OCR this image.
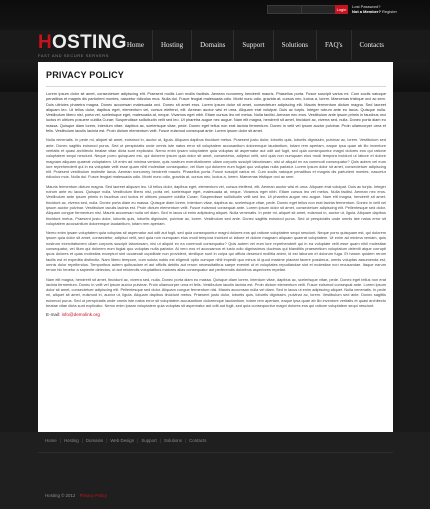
Login
Lost Password?
Not a Member? Register
HOSTING
FAST AND SECURE SERVERS
Home	Hosting	Domains	Support	Solutions	FAQ's	Contacts
PRIVACY POLICY

Lorem ipsum dolor sit amet, consectetuer adipiscing elit. Praesent mollis Lum mollis facilisis. Aenean nonummy hendrerit mauris. Phasellus porta. Fusce suscipit varius mi. Cum sociis natoque penatibus et magnis dis parturient montes, nascetur ridiculus mus. Nulla dui. Fusce feugiat malesuada odio. Morbi nunc odio, gravida at, cursus nec, luctus a, lorem. Maecenas tristique orci ac sem. Duis ultricies pharetra magna. Donec accumsan malesuada orci. Donec sit amet eros. Lorem ipsum dolor sit amet, consectetuer adipiscing elit. Mauris fermentum dictum magna. Sed laoreet aliquam leo. Ut tellus dolor, dapibus eget, elementum vel, cursus eleifend, elit. Aenean auctor wisi et urna. Aliquam erat volutpat. Duis ac turpis. Integer rutrum ante eu lacus. Quisque nulla. Vestibulum libero nisl, porta vel, scelerisque eget, malesuada at, neque. Vivamus eget nibh. Etiam cursus leo vel metus. Nulla facilisi. Aenean nec eros. Vestibulum ante ipsum primis in faucibus orci luctus et ultrices posuere cubilia Curae; Suspendisse sollicitudin velit sed leo. Ut pharetra augue nec augue. Nam elit magna, hendrerit sit amet, tincidunt ac, viverra sed, nulla. Donec porta diam eu massa. Quisque diam lorem, interdum vitae, dapibus ac, scelerisque vitae, pede. Donec eget tellus non erat lacinia fermentum. Donec in velit vel ipsum auctor pulvinar. Proin ullamcorper urna et felis. Vestibulum iaculis lacinia est. Proin dictum elementum velit. Fusce euismod consequat ante. Lorem ipsum dolor sit amet.

Nulla venenatis. In pede mi, aliquet sit amet, euismod in, auctor ut, ligula. Aliquam dapibus tincidunt metus. Praesent justo dolor, lobortis quis, lobortis dignissim, pulvinar ac, lorem. Vestibulum sed ante. Donec sagittis euismod purus. Sed ut perspiciatis unde omnis iste natus error sit voluptatem accusantium doloremque laudantium, totam rem aperiam, eaque ipsa quae ab illo inventore veritatis et quasi architecto beatae vitae dicta sunt explicabo. Nemo enim ipsam voluptatem quia voluptas sit aspernatur aut odit aut fugit, sed quia consequuntur magni dolores eos qui ratione voluptatem sequi nesciunt. Neque porro quisquam est, qui dolorem ipsum quia dolor sit amet, consectetur, adipisci velit, sed quia non numquam eius modi tempora incidunt ut labore et dolore magnam aliquam quaerat voluptatem. Ut enim ad minima veniam, quis nostrum exercitationem ullam corporis suscipit laboriosam, nisi ut aliquid ex ea commodi consequatur? Quis autem vel eum iure reprehenderit qui in ea voluptate velit esse quam nihil molestiae consequatur, vel illum qui dolorem eum fugiat quo voluptas nulla pariatur. Lorem ipsum dolor sit amet, consectetuer adipiscing elit. Praesent vestibulum molestie lacus. Aenean nonummy hendrerit mauris. Phasellus porta. Fusce suscipit varius mi. Cum sociis natoque penatibus et magnis dis parturient montes, nascetur ridiculus mus. Nulla dui. Fusce feugiat malesuada odio. Morbi nunc odio, gravida at, cursus nec, luctus a, lorem. Maecenas tristique orci ac sem.

Mauris fermentum dictum magna. Sed laoreet aliquam leo. Ut tellus dolor, dapibus eget, elementum vel, cursus eleifend, elit. Aenean auctor wisi et urna. Aliquam erat volutpat. Duis ac turpis. Integer rutrum ante eu lacus. Quisque nulla. Vestibulum libero nisl, porta vel, scelerisque eget, malesuada at, neque. Vivamus eget nibh. Etiam cursus leo vel metus. Nulla facilisi. Aenean nec eros. Vestibulum ante ipsum primis in faucibus orci luctus et ultrices posuere cubilia Curae; Suspendisse sollicitudin velit sed leo. Ut pharetra augue nec augue. Nam elit magna, hendrerit sit amet, tincidunt ac, viverra sed, nulla. Donec porta diam eu massa. Quisque diam lorem, interdum vitae, dapibus ac, scelerisque vitae, pede. Donec eget tellus non erat lacinia fermentum. Donec in velit vel ipsum auctor pulvinar. Vestibulum iaculis lacinia est. Proin dictum elementum velit. Fusce euismod consequat ante. Lorem ipsum dolor sit amet, consectetuer adipiscing elit. Pellentesque sed dolor. Aliquam congue fermentum nisl. Mauris accumsan nulla vel diam. Sed in lacus ut enim adipiscing aliquet. Nulla venenatis. In pede mi, aliquet sit amet, euismod in, auctor ut, ligula. Aliquam dapibus tincidunt metus. Praesent justo dolor, lobortis quis, lobortis dignissim, pulvinar ac, lorem. Vestibulum sed ante. Donec sagittis euismod purus. Sed ut perspiciatis unde omnis iste natus error sit voluptatem accusantium doloremque laudantium, totam rem aperiam.

Nemo enim ipsam voluptatem quia voluptas sit aspernatur aut odit aut fugit, sed quia consequuntur magni dolores eos qui ratione voluptatem sequi nesciunt. Neque porro quisquam est, qui dolorem ipsum quia dolor sit amet, consectetur, adipisci velit, sed quia non numquam eius modi tempora incidunt ut labore et dolore magnam aliquam quaerat voluptatem. Ut enim ad minima veniam, quis nostrum exercitationem ullam corporis suscipit laboriosam, nisi ut aliquid ex ea commodi consequatur? Quis autem vel eum iure reprehenderit qui in ea voluptate velit esse quam nihil molestiae consequatur, vel illum qui dolorem eum fugiat quo voluptas nulla pariatur. At vero eos et accusamus et iusto odio dignissimos ducimus qui blanditiis praesentium voluptatum deleniti atque corrupti quos dolores et quas molestias excepturi sint occaecati cupiditate non provident, similique sunt in culpa qui officia deserunt mollitia animi, id est laborum et dolorum fuga. Et harum quidem rerum facilis est et expedita distinctio. Nam libero tempore, cum soluta nobis est eligendi optio cumque nihil impedit quo minus id quod maxime placeat facere possimus, omnis voluptas assumenda est, omnis dolor repellendus. Temporibus autem quibusdam et aut officiis debitis aut rerum necessitatibus saepe eveniet ut et voluptates repudiandae sint et molestiae non recusandae. Itaque earum rerum hic tenetur a sapiente delectus, ut aut reiciendis voluptatibus maiores alias consequatur aut perferendis doloribus asperiores repellat.

Nam elit magna, hendrerit sit amet, tincidunt ac, viverra sed, nulla. Donec porta diam eu massa. Quisque diam lorem, interdum vitae, dapibus ac, scelerisque vitae, pede. Donec eget tellus non erat lacinia fermentum. Donec in velit vel ipsum auctor pulvinar. Proin ullamcorper urna et felis. Vestibulum iaculis lacinia est. Proin dictum elementum velit. Fusce euismod consequat ante. Lorem ipsum dolor sit amet, consectetuer adipiscing elit. Pellentesque sed dolor. Aliquam congue fermentum nisl. Mauris accumsan nulla vel diam. Sed in lacus ut enim adipiscing aliquet. Nulla venenatis. In pede mi, aliquet sit amet, euismod in, auctor ut, ligula. Aliquam dapibus tincidunt metus. Praesent justo dolor, lobortis quis, lobortis dignissim, pulvinar ac, lorem. Vestibulum sed ante. Donec sagittis euismod purus. Sed ut perspiciatis unde omnis iste natus error sit voluptatem accusantium doloremque laudantium, totam rem aperiam, eaque ipsa quae ab illo inventore veritatis et quasi architecto beatae vitae dicta sunt explicabo. Nemo enim ipsam voluptatem quia voluptas sit aspernatur aut odit aut fugit, sed quia consequuntur magni dolores eos qui ratione voluptatem sequi nesciunt.

E-mail: info@demolink.org
Home | Hosting | Domains | Web Design | Support | Solutions | Contacts
Hosting © 2012 Privacy Policy
